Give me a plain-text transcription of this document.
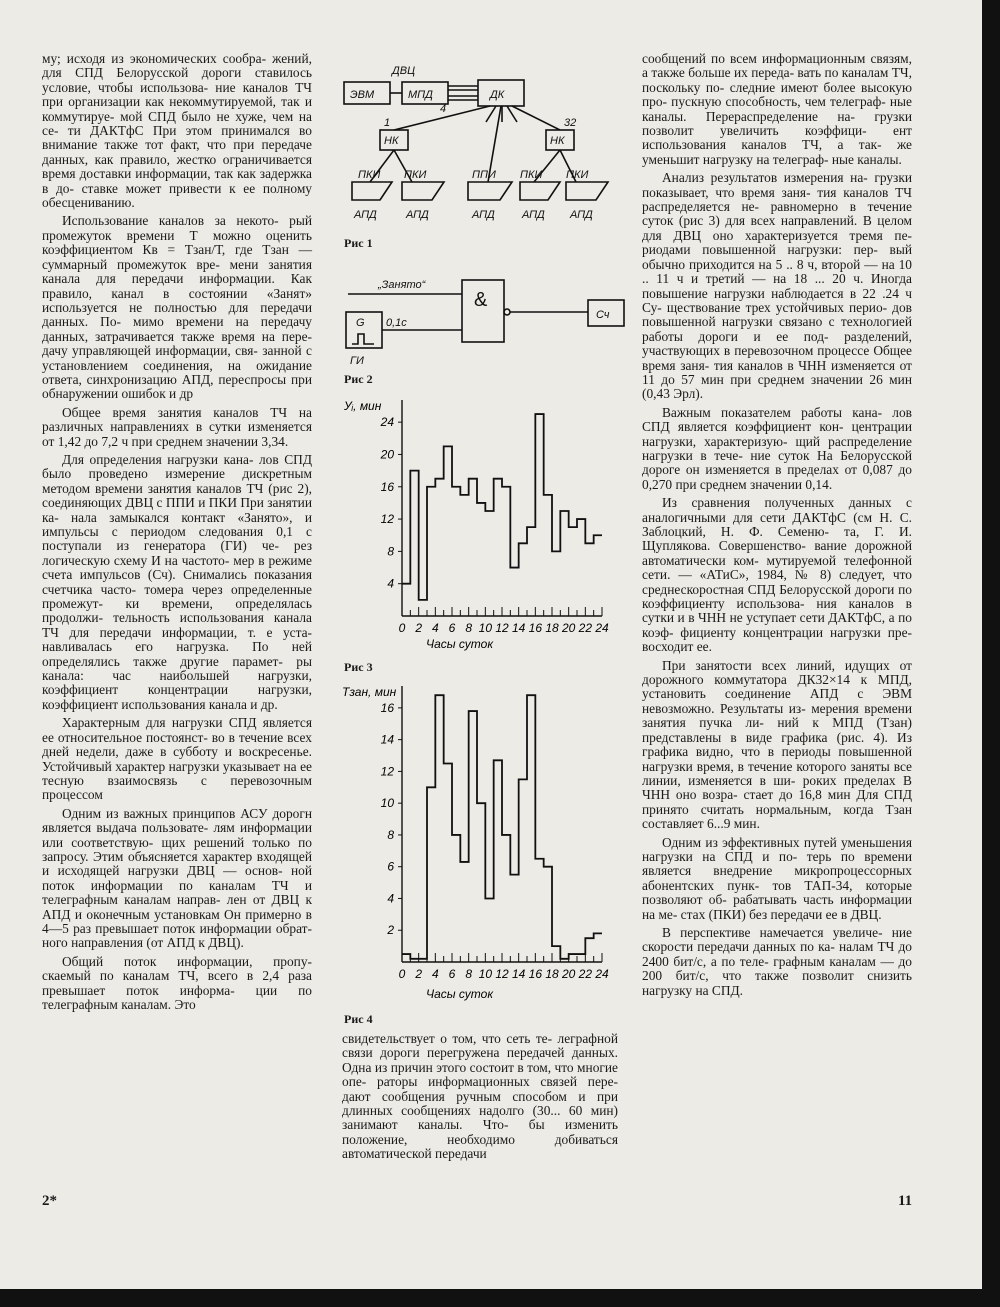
му; исходя из экономических сообра- жений, для СПД Белорусской дороги ставилось условие, чтобы использова- ние каналов ТЧ при организации как некоммутируемой, так и коммутируе- мой СПД было не хуже, чем на се- ти ДАКТфС При этом принимался во внимание также тот факт, что при передаче данных, как правило, жестко ограничивается время доставки информации, так как задержка в до- ставке может привести к ее полному обесцениванию.

Использование каналов за некото- рый промежуток времени Т можно оценить коэффициентом Кв = Тзан/Т, где Тзан — суммарный промежуток вре- мени занятия канала для передачи информации. Как правило, канал в состоянии «Занят» используется не полностью для передачи данных. По- мимо времени на передачу данных, затрачивается также время на пере- дачу управляющей информации, свя- занной с установлением соединения, на ожидание ответа, синхронизацию АПД, переспросы при обнаружении ошибок и др

Общее время занятия каналов ТЧ на различных направлениях в сутки изменяется от 1,42 до 7,2 ч при среднем значении 3,34.

Для определения нагрузки кана- лов СПД было проведено измерение дискретным методом времени занятия каналов ТЧ (рис 2), соединяющих ДВЦ с ППИ и ПКИ При занятии ка- нала замыкался контакт «Занято», и импульсы с периодом следования 0,1 с поступали из генератора (ГИ) че- рез логическую схему И на частото- мер в режиме счета импульсов (Сч). Снимались показания счетчика часто- томера через определенные промежут- ки времени, определялась продолжи- тельность использования канала ТЧ для передачи информации, т. е уста- навливалась его нагрузка. По ней определялись также другие парамет- ры канала: час наибольшей нагрузки, коэффициент концентрации нагрузки, коэффициент использования канала и др.

Характерным для нагрузки СПД является ее относительное постоянст- во в течение всех дней недели, даже в субботу и воскресенье. Устойчивый характер нагрузки указывает на ее тесную взаимосвязь с перевозочным процессом

Одним из важных принципов АСУ дорогн является выдача пользовате- лям информации или соответствую- щих решений только по запросу. Этим объясняется характер входящей и исходящей нагрузки ДВЦ — основ- ной поток информации по каналам ТЧ и телеграфным каналам направ- лен от ДВЦ к АПД и оконечным установкам Он примерно в 4—5 раз превышает поток информации обрат- ного направления (от АПД к ДВЦ).

Общий поток информации, пропу- скаемый по каналам ТЧ, всего в 2,4 раза превышает поток информа- ции по телеграфным каналам. Это

свидетельствует о том, что сеть те- леграфной связи дороги перегружена передачей данных. Одна из причин этого состоит в том, что многие опе- раторы информационных связей пере- дают сообщения ручным способом и при длинных сообщениях надолго (30... 60 мин) занимают каналы. Что- бы изменить положение, необходимо добиваться автоматической передачи

сообщений по всем информационным связям, а также больше их переда- вать по каналам ТЧ, поскольку по- следние имеют более высокую про- пускную способность, чем телеграф- ные каналы. Перераспределение на- грузки позволит увеличить коэффици- ент использования каналов ТЧ, а так- же уменьшит нагрузку на телеграф- ные каналы.

Анализ результатов измерения на- грузки показывает, что время заня- тия каналов ТЧ распределяется не- равномерно в течение суток (рис 3) для всех направлений. В целом для ДВЦ оно характеризуется тремя пе- риодами повышенной нагрузки: пер- вый обычно приходится на 5 .. 8 ч, второй — на 10 .. 11 ч и третий — на 18 ... 20 ч. Иногда повышение нагрузки наблюдается в 22 .24 ч Су- ществование трех устойчивых перио- дов повышенной нагрузки связано с технологией работы дороги и ее под- разделений, участвующих в перевозочном процессе Общее время заня- тия каналов в ЧНН изменяется от 11 до 57 мин при среднем значении 26 мин (0,43 Эрл).

Важным показателем работы кана- лов СПД является коэффициент кон- центрации нагрузки, характеризую- щий распределение нагрузки в тече- ние суток На Белорусской дороге он изменяется в пределах от 0,087 до 0,270 при среднем значении 0,14.

Из сравнения полученных данных с аналогичными для сети ДАКТфС (см Н. С. Заблоцкий, Н. Ф. Семеню- та, Г. И. Щуплякова. Совершенство- вание дорожной автоматически ком- мутируемой телефонной сети. — «АТиС», 1984, № 8) следует, что среднескоростная СПД Белорусской дороги по коэффициенту использова- ния каналов в сутки и в ЧНН не уступает сети ДАКТфС, а по коэф- фициенту концентрации нагрузки пре- восходит ее.

При занятости всех линий, идущих от дорожного коммутатора ДК32×14 к МПД, установить соединение АПД с ЭВМ невозможно. Результаты из- мерения времени занятия пучка ли- ний к МПД (Тзан) представлены в виде графика (рис. 4). Из графика видно, что в периоды повышенной нагрузки время, в течение которого заняты все линии, изменяется в ши- роких пределах В ЧНН оно возра- стает до 16,8 мин Для СПД принято считать нормальным, когда Тзан составляет 6...9 мин.

Одним из эффективных путей уменьшения нагрузки на СПД и по- терь по времени является внедрение микропроцессорных абонентских пунк- тов ТАП-34, которые позволяют об- рабатывать часть информации на ме- стах (ПКИ) без передачи ее в ДВЦ.

В перспективе намечается увеличе- ние скорости передачи данных по ка- налам ТЧ до 2400 бит/с, а по теле- графным каналам — до 200 бит/с, что также позволит снизить нагрузку на СПД.

2*	11
ЭВМ	МПД	ДК
ДВЦ
НК	НК
1	32
4
ПКИ ПКИ	ППИ ПКИ ПКИ
АПД	АПД	АПД АПД АПД
Рис 1
„Занято“
&
G 0,1с
ГИ
Сч
Рис 2
4
8
12
16
20
24
0 2 4 6 8 10 12 14 16 18 20 22 24
Уᵢ, мин
Часы суток
Рис 3
2
4
6
8
10
12
14
16
0 2 4 6 8 10 12 14 16 18 20 22 24
Тзан, мин
Часы суток
Рис 4
